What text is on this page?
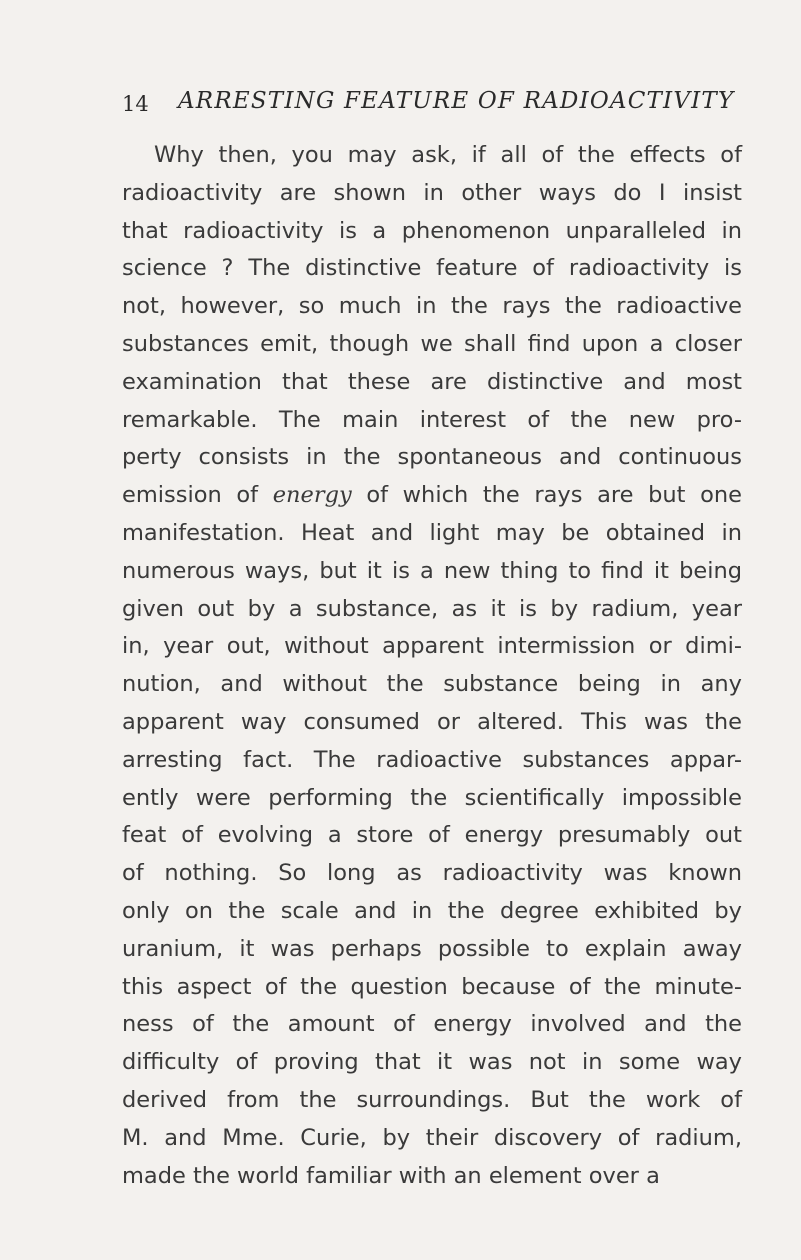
14 ARRESTING FEATURE OF RADIOACTIVITY
Why then, you may ask, if all of the effects of
radioactivity are shown in other ways do I insist
that radioactivity is a phenomenon unparalleled in
science ? The distinctive feature of radioactivity is
not, however, so much in the rays the radioactive
substances emit, though we shall find upon a closer
examination that these are distinctive and most
remarkable. The main interest of the new pro-
perty consists in the spontaneous and continuous
emission of energy of which the rays are but one
manifestation. Heat and light may be obtained in
numerous ways, but it is a new thing to find it being
given out by a substance, as it is by radium, year
in, year out, without apparent intermission or dimi-
nution, and without the substance being in any
apparent way consumed or altered. This was the
arresting fact. The radioactive substances appar-
ently were performing the scientifically impossible
feat of evolving a store of energy presumably out
of nothing. So long as radioactivity was known
only on the scale and in the degree exhibited by
uranium, it was perhaps possible to explain away
this aspect of the question because of the minute-
ness of the amount of energy involved and the
difficulty of proving that it was not in some way
derived from the surroundings. But the work of
M. and Mme. Curie, by their discovery of radium,
made the world familiar with an element over a
